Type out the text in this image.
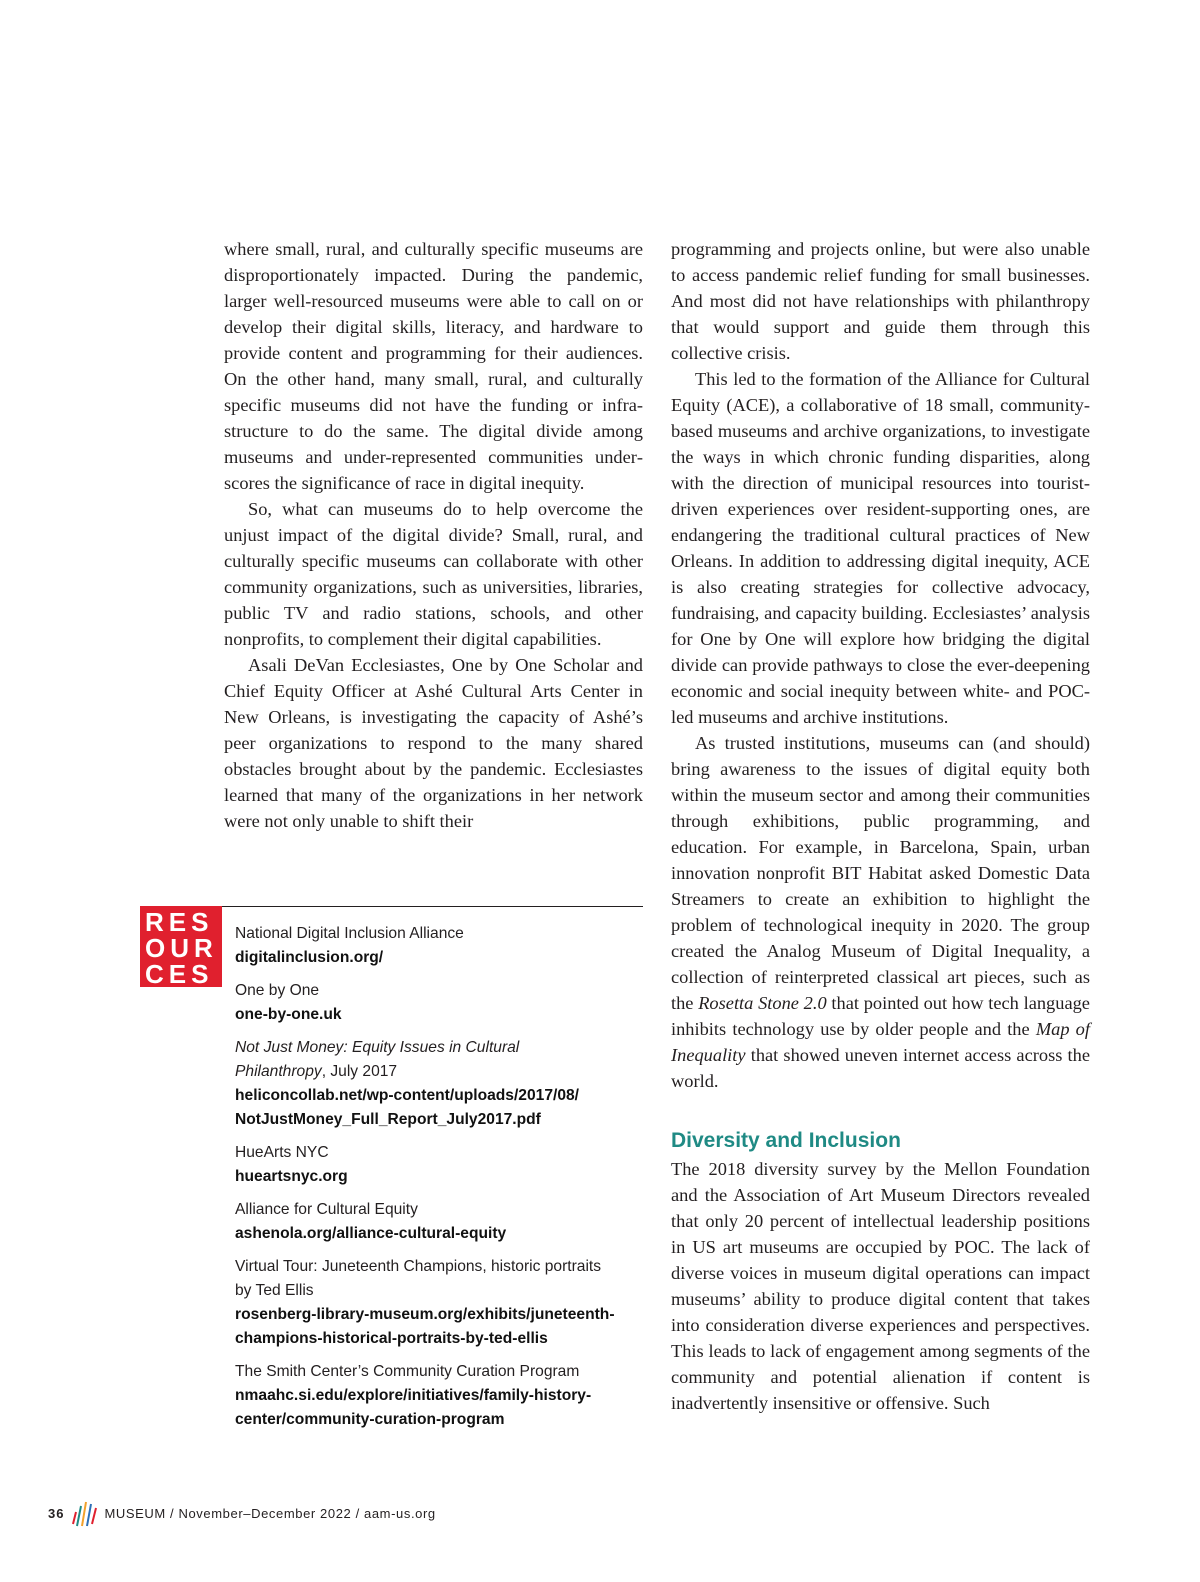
where small, rural, and culturally specific museums are disproportionately impacted. During the pandemic, larger well-resourced museums were able to call on or develop their digital skills, literacy, and hardware to provide content and programming for their audiences. On the other hand, many small, rural, and culturally specific museums did not have the funding or infrastructure to do the same. The digital divide among museums and under-represented communities underscores the significance of race in digital inequity.

So, what can museums do to help overcome the unjust impact of the digital divide? Small, rural, and culturally specific museums can collaborate with other community organizations, such as universities, libraries, public TV and radio stations, schools, and other nonprofits, to complement their digital capabilities.

Asali DeVan Ecclesiastes, One by One Scholar and Chief Equity Officer at Ashé Cultural Arts Center in New Orleans, is investigating the capacity of Ashé’s peer organizations to respond to the many shared obstacles brought about by the pandemic. Ecclesiastes learned that many of the organizations in her network were not only unable to shift their

programming and projects online, but were also unable to access pandemic relief funding for small businesses. And most did not have relationships with philanthropy that would support and guide them through this collective crisis.

This led to the formation of the Alliance for Cultural Equity (ACE), a collaborative of 18 small, community-based museums and archive organizations, to investigate the ways in which chronic funding disparities, along with the direction of municipal resources into tourist-driven experiences over resident-supporting ones, are endangering the traditional cultural practices of New Orleans. In addition to addressing digital inequity, ACE is also creating strategies for collective advocacy, fundraising, and capacity building. Ecclesiastes’ analysis for One by One will explore how bridging the digital divide can provide pathways to close the ever-deepening economic and social inequity between white- and POC-led museums and archive institutions.

As trusted institutions, museums can (and should) bring awareness to the issues of digital equity both within the museum sector and among their communities through exhibitions, public programming, and education. For example, in Barcelona, Spain, urban innovation nonprofit BIT Habitat asked Domestic Data Streamers to create an exhibition to highlight the problem of technological inequity in 2020. The group created the Analog Museum of Digital Inequality, a collection of reinterpreted classical art pieces, such as the Rosetta Stone 2.0 that pointed out how tech language inhibits technology use by older people and the Map of Inequality that showed uneven internet access across the world.

Diversity and Inclusion

The 2018 diversity survey by the Mellon Foundation and the Association of Art Museum Directors revealed that only 20 percent of intellectual leadership positions in US art museums are occupied by POC. The lack of diverse voices in museum digital operations can impact museums’ ability to produce digital content that takes into consideration diverse experiences and perspectives. This leads to lack of engagement among segments of the community and potential alienation if content is inadvertently insensitive or offensive. Such

RES
OUR
CES
National Digital Inclusion Alliance
digitalinclusion.org/
One by One
one-by-one.uk
Not Just Money: Equity Issues in Cultural
Philanthropy, July 2017
heliconcollab.net/wp-content/uploads/2017/08/
NotJustMoney_Full_Report_July2017.pdf
HueArts NYC
hueartsnyc.org
Alliance for Cultural Equity
ashenola.org/alliance-cultural-equity
Virtual Tour: Juneteenth Champions, historic portraits
by Ted Ellis
rosenberg-library-museum.org/exhibits/juneteenth-
champions-historical-portraits-by-ted-ellis
The Smith Center’s Community Curation Program
nmaahc.si.edu/explore/initiatives/family-history-
center/community-curation-program
36	MUSEUM / November–December 2022 / aam-us.org
